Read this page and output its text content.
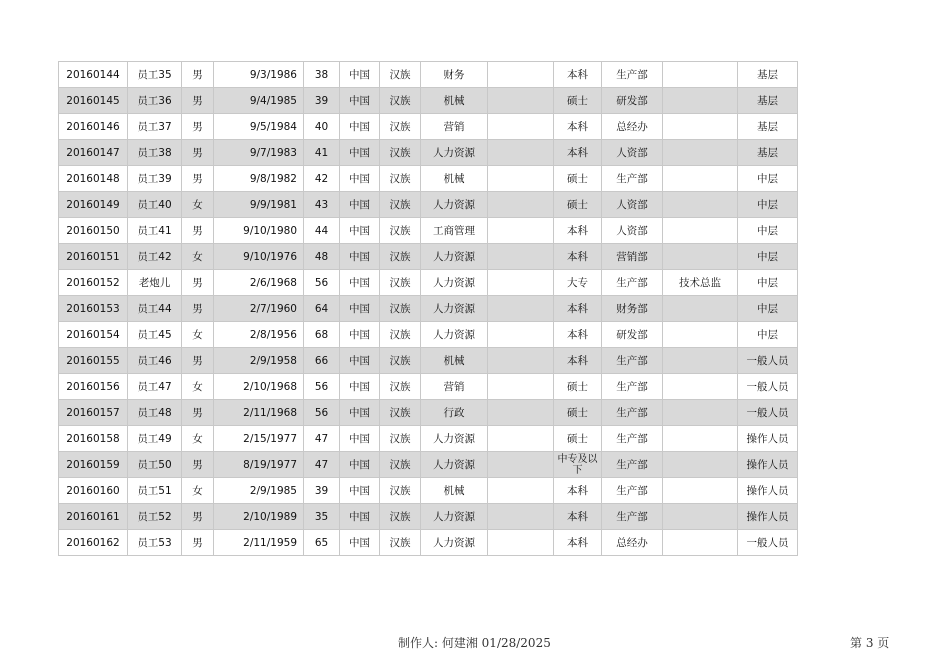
20160144	员工35	男	9/3/1986	38	中国	汉族	财务		本科	生产部		基层
20160145	员工36	男	9/4/1985	39	中国	汉族	机械		硕士	研发部		基层
20160146	员工37	男	9/5/1984	40	中国	汉族	营销		本科	总经办		基层
20160147	员工38	男	9/7/1983	41	中国	汉族	人力资源		本科	人资部		基层
20160148	员工39	男	9/8/1982	42	中国	汉族	机械		硕士	生产部		中层
20160149	员工40	女	9/9/1981	43	中国	汉族	人力资源		硕士	人资部		中层
20160150	员工41	男	9/10/1980	44	中国	汉族	工商管理		本科	人资部		中层
20160151	员工42	女	9/10/1976	48	中国	汉族	人力资源		本科	营销部		中层
20160152	老炮儿	男	2/6/1968	56	中国	汉族	人力资源		大专	生产部	技术总监	中层
20160153	员工44	男	2/7/1960	64	中国	汉族	人力资源		本科	财务部		中层
20160154	员工45	女	2/8/1956	68	中国	汉族	人力资源		本科	研发部		中层
20160155	员工46	男	2/9/1958	66	中国	汉族	机械		本科	生产部		一般人员
20160156	员工47	女	2/10/1968	56	中国	汉族	营销		硕士	生产部		一般人员
20160157	员工48	男	2/11/1968	56	中国	汉族	行政		硕士	生产部		一般人员
20160158	员工49	女	2/15/1977	47	中国	汉族	人力资源		硕士	生产部		操作人员
20160159	员工50	男	8/19/1977	47	中国	汉族	人力资源		中专及以下	生产部		操作人员
20160160	员工51	女	2/9/1985	39	中国	汉族	机械		本科	生产部		操作人员
20160161	员工52	男	2/10/1989	35	中国	汉族	人力资源		本科	生产部		操作人员
20160162	员工53	男	2/11/1959	65	中国	汉族	人力资源		本科	总经办		一般人员
制作人: 何建湘 01/28/2025	第 3 页
